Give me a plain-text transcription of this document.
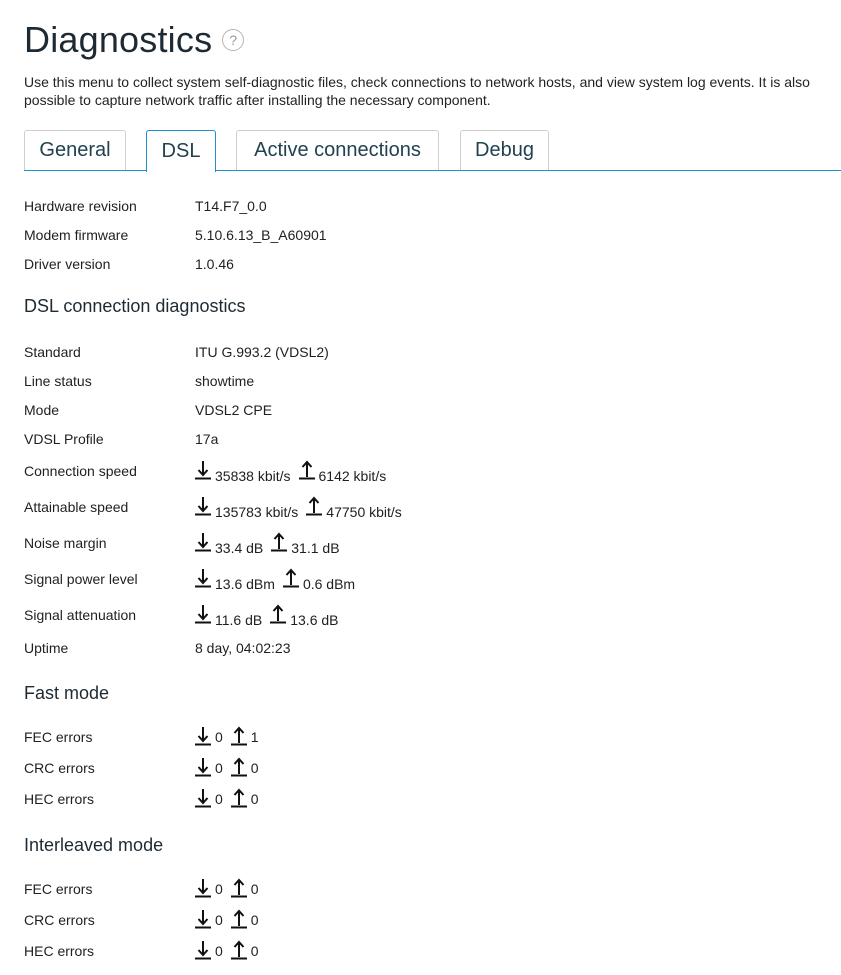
Diagnostics	?

Use this menu to collect system self-diagnostic files, check connections to network hosts, and view system log events. It is also possible to capture network traffic after installing the necessary component.

General	DSL	Active connections	Debug
Hardware revision	T14.F7_0.0
Modem firmware	5.10.6.13_B_A60901
Driver version	1.0.46
DSL connection diagnostics
Standard	ITU G.993.2 (VDSL2)
Line status	showtime
Mode	VDSL2 CPE
VDSL Profile	17a
Connection speed	35838 kbit/s 6142 kbit/s
Attainable speed	135783 kbit/s 47750 kbit/s
Noise margin	33.4 dB 31.1 dB
Signal power level	13.6 dBm 0.6 dBm
Signal attenuation	11.6 dB 13.6 dB
Uptime	8 day, 04:02:23
Fast mode
FEC errors	0 1
CRC errors	0 0
HEC errors	0 0
Interleaved mode
FEC errors	0 0
CRC errors	0 0
HEC errors	0 0
